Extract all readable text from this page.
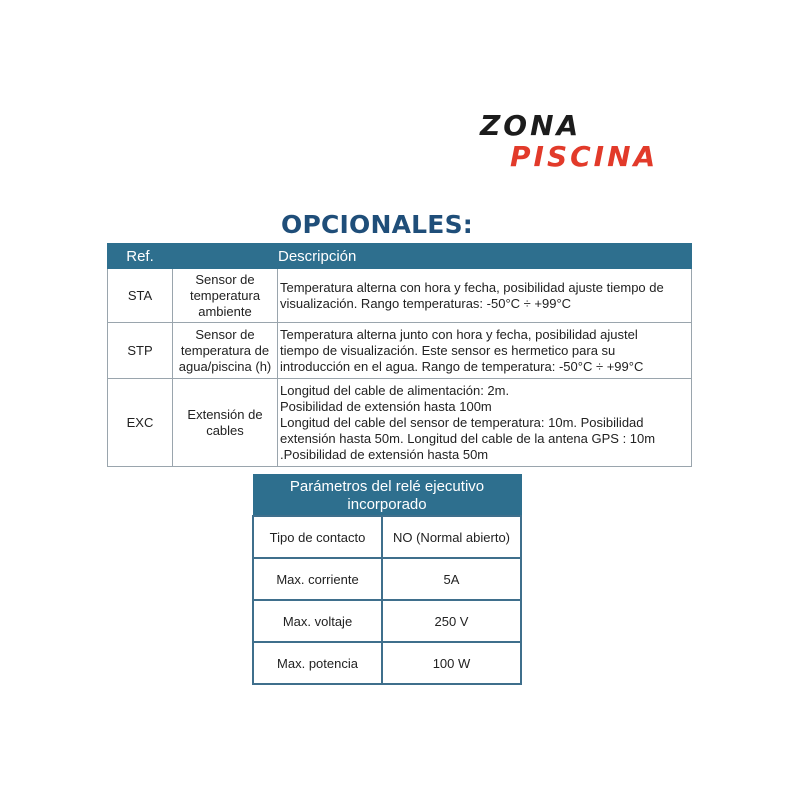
ZONA
PISCINA
OPCIONALES:
Ref.	Descripción	
STA	Sensor de temperatura ambiente	Temperatura alterna con hora y fecha, posibilidad ajuste tiempo de
visualización. Rango temperaturas: -50°C ÷ +99°C

STP	Sensor de temperatura de agua/piscina (h)	Temperatura alterna junto con hora y fecha, posibilidad ajustel
tiempo de visualización. Este sensor es hermetico para su
introducción en el agua. Rango de temperatura: -50°C ÷ +99°C

EXC	Extensión de cables	Longitud del cable de alimentación: 2m.
Posibilidad de extensión hasta 100m
Longitud del cable del sensor de temperatura: 10m. Posibilidad
extensión hasta 50m. Longitud del cable de la antena GPS : 10m
.Posibilidad de extensión hasta 50m
Parámetros del relé ejecutivo incorporado	
Tipo de contacto	NO (Normal abierto)
Max. corriente	5A
Max. voltaje	250 V
Max. potencia	100 W
